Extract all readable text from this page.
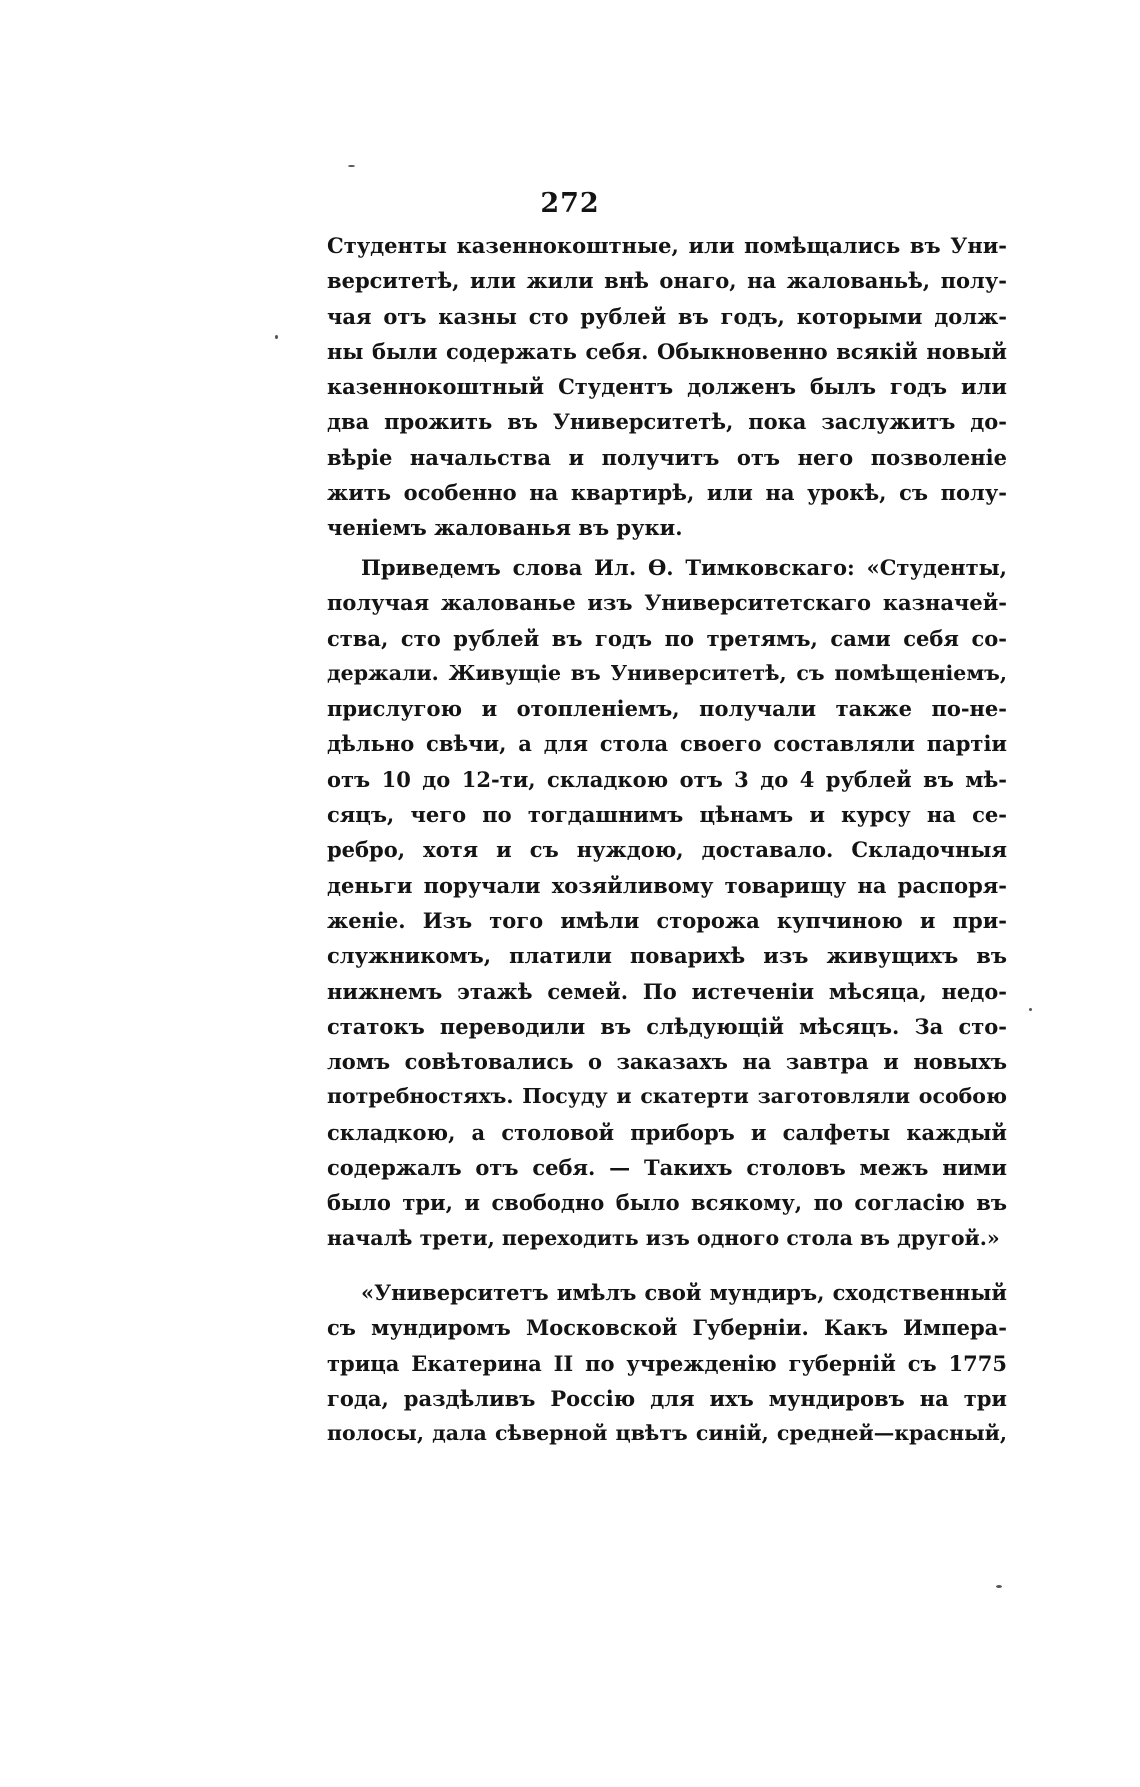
272
Студенты казеннокоштные, или помѣщались въ Уни-
верситетѣ, или жили внѣ онаго, на жалованьѣ, полу-
чая отъ казны сто рублей въ годъ, которыми долж-
ны были содержать себя. Обыкновенно всякій новый
казеннокоштный Студентъ долженъ былъ годъ или
два прожить въ Университетѣ, пока заслужитъ до-
вѣріе начальства и получитъ отъ него позволеніе
жить особенно на квартирѣ, или на урокѣ, съ полу-
ченіемъ жалованья въ руки.
Приведемъ слова Ил. Ѳ. Тимковскаго: «Студенты,
получая жалованье изъ Университетскаго казначей-
ства, сто рублей въ годъ по третямъ, сами себя со-
держали. Живущіе въ Университетѣ, съ помѣщеніемъ,
прислугою и отопленіемъ, получали также по-не-
дѣльно свѣчи, а для стола своего составляли партіи
отъ 10 до 12-ти, складкою отъ 3 до 4 рублей въ мѣ-
сяцъ, чего по тогдашнимъ цѣнамъ и курсу на се-
ребро, хотя и съ нуждою, доставало. Складочныя
деньги поручали хозяйливому товарищу на распоря-
женіе. Изъ того имѣли сторожа купчиною и при-
служникомъ, платили поварихѣ изъ живущихъ въ
нижнемъ этажѣ семей. По истеченіи мѣсяца, недо-
статокъ переводили въ слѣдующій мѣсяцъ. За сто-
ломъ совѣтовались о заказахъ на завтра и новыхъ
потребностяхъ. Посуду и скатерти заготовляли особою
складкою, а столовой приборъ и салфеты каждый
содержалъ отъ себя. — Такихъ столовъ межъ ними
было три, и свободно было всякому, по согласію въ
началѣ трети, переходить изъ одного стола въ другой.»
«Университетъ имѣлъ свой мундиръ, сходственный
съ мундиромъ Московской Губерніи. Какъ Импера-
трица Екатерина II по учрежденію губерній съ 1775
года, раздѣливъ Россію для ихъ мундировъ на три
полосы, дала сѣверной цвѣтъ синій, средней—красный,
